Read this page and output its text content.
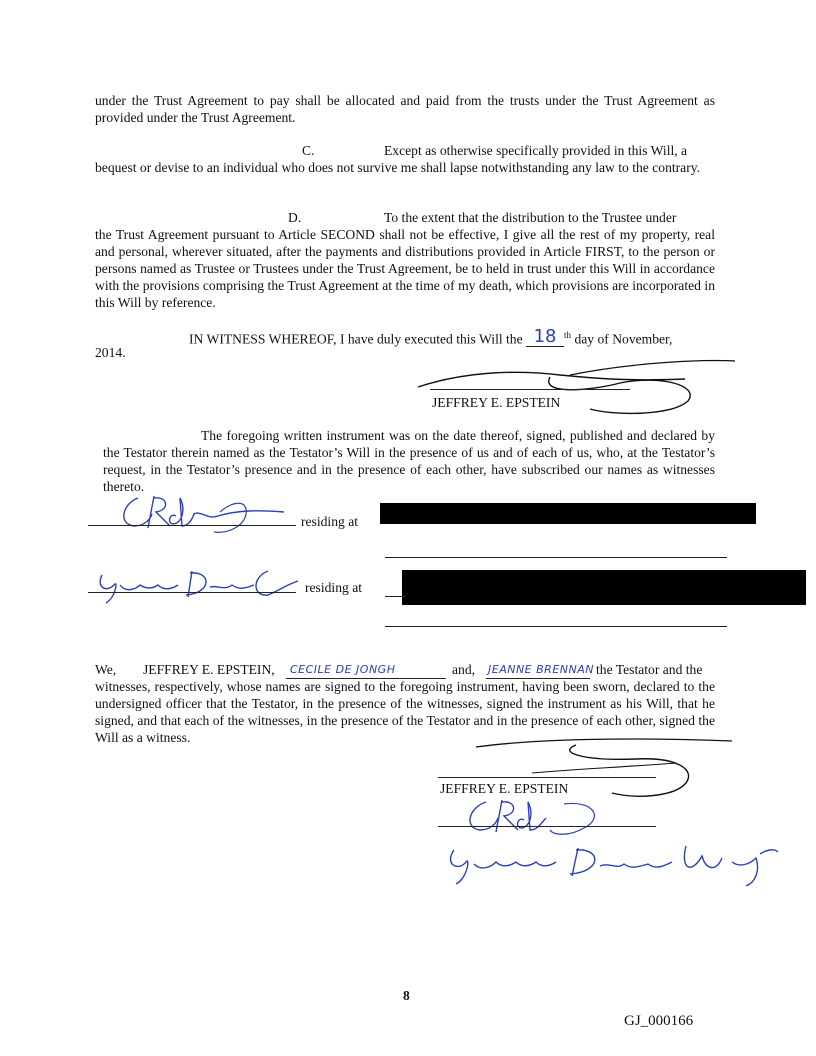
under the Trust Agreement to pay shall be allocated and paid from the trusts under the Trust Agreement as provided under the Trust Agreement.

C.	Except as otherwise specifically provided in this Will, a

bequest or devise to an individual who does not survive me shall lapse notwithstanding any law to the contrary.

D.	To the extent that the distribution to the Trustee under

the Trust Agreement pursuant to Article SECOND shall not be effective, I give all the rest of my property, real and personal, wherever situated, after the payments and distributions provided in Article FIRST, to the person or persons named as Trustee or Trustees under the Trust Agreement, be to held in trust under this Will in accordance with the provisions comprising the Trust Agreement at the time of my death, which provisions are incorporated in this Will by reference.

IN WITNESS WHEREOF, I have duly executed this Will the 18 $^{th}$ day of November,
2014.
JEFFREY E. EPSTEIN

The foregoing written instrument was on the date thereof, signed, published and declared by the Testator therein named as the Testator’s Will in the presence of us and of each of us, who, at the Testator’s request, in the Testator’s presence and in the presence of each other, have subscribed our names as witnesses thereto.

residing at
residing at
We, JEFFREY E. EPSTEIN, CECILE DE JONGH	and, JEANNE BRENNAN the Testator and the

witnesses, respectively, whose names are signed to the foregoing instrument, having been sworn, declared to the undersigned officer that the Testator, in the presence of the witnesses, signed the instrument as his Will, that he signed, and that each of the witnesses, in the presence of the Testator and in the presence of each other, signed the Will as a witness.

JEFFREY E. EPSTEIN
8
GJ_000166
